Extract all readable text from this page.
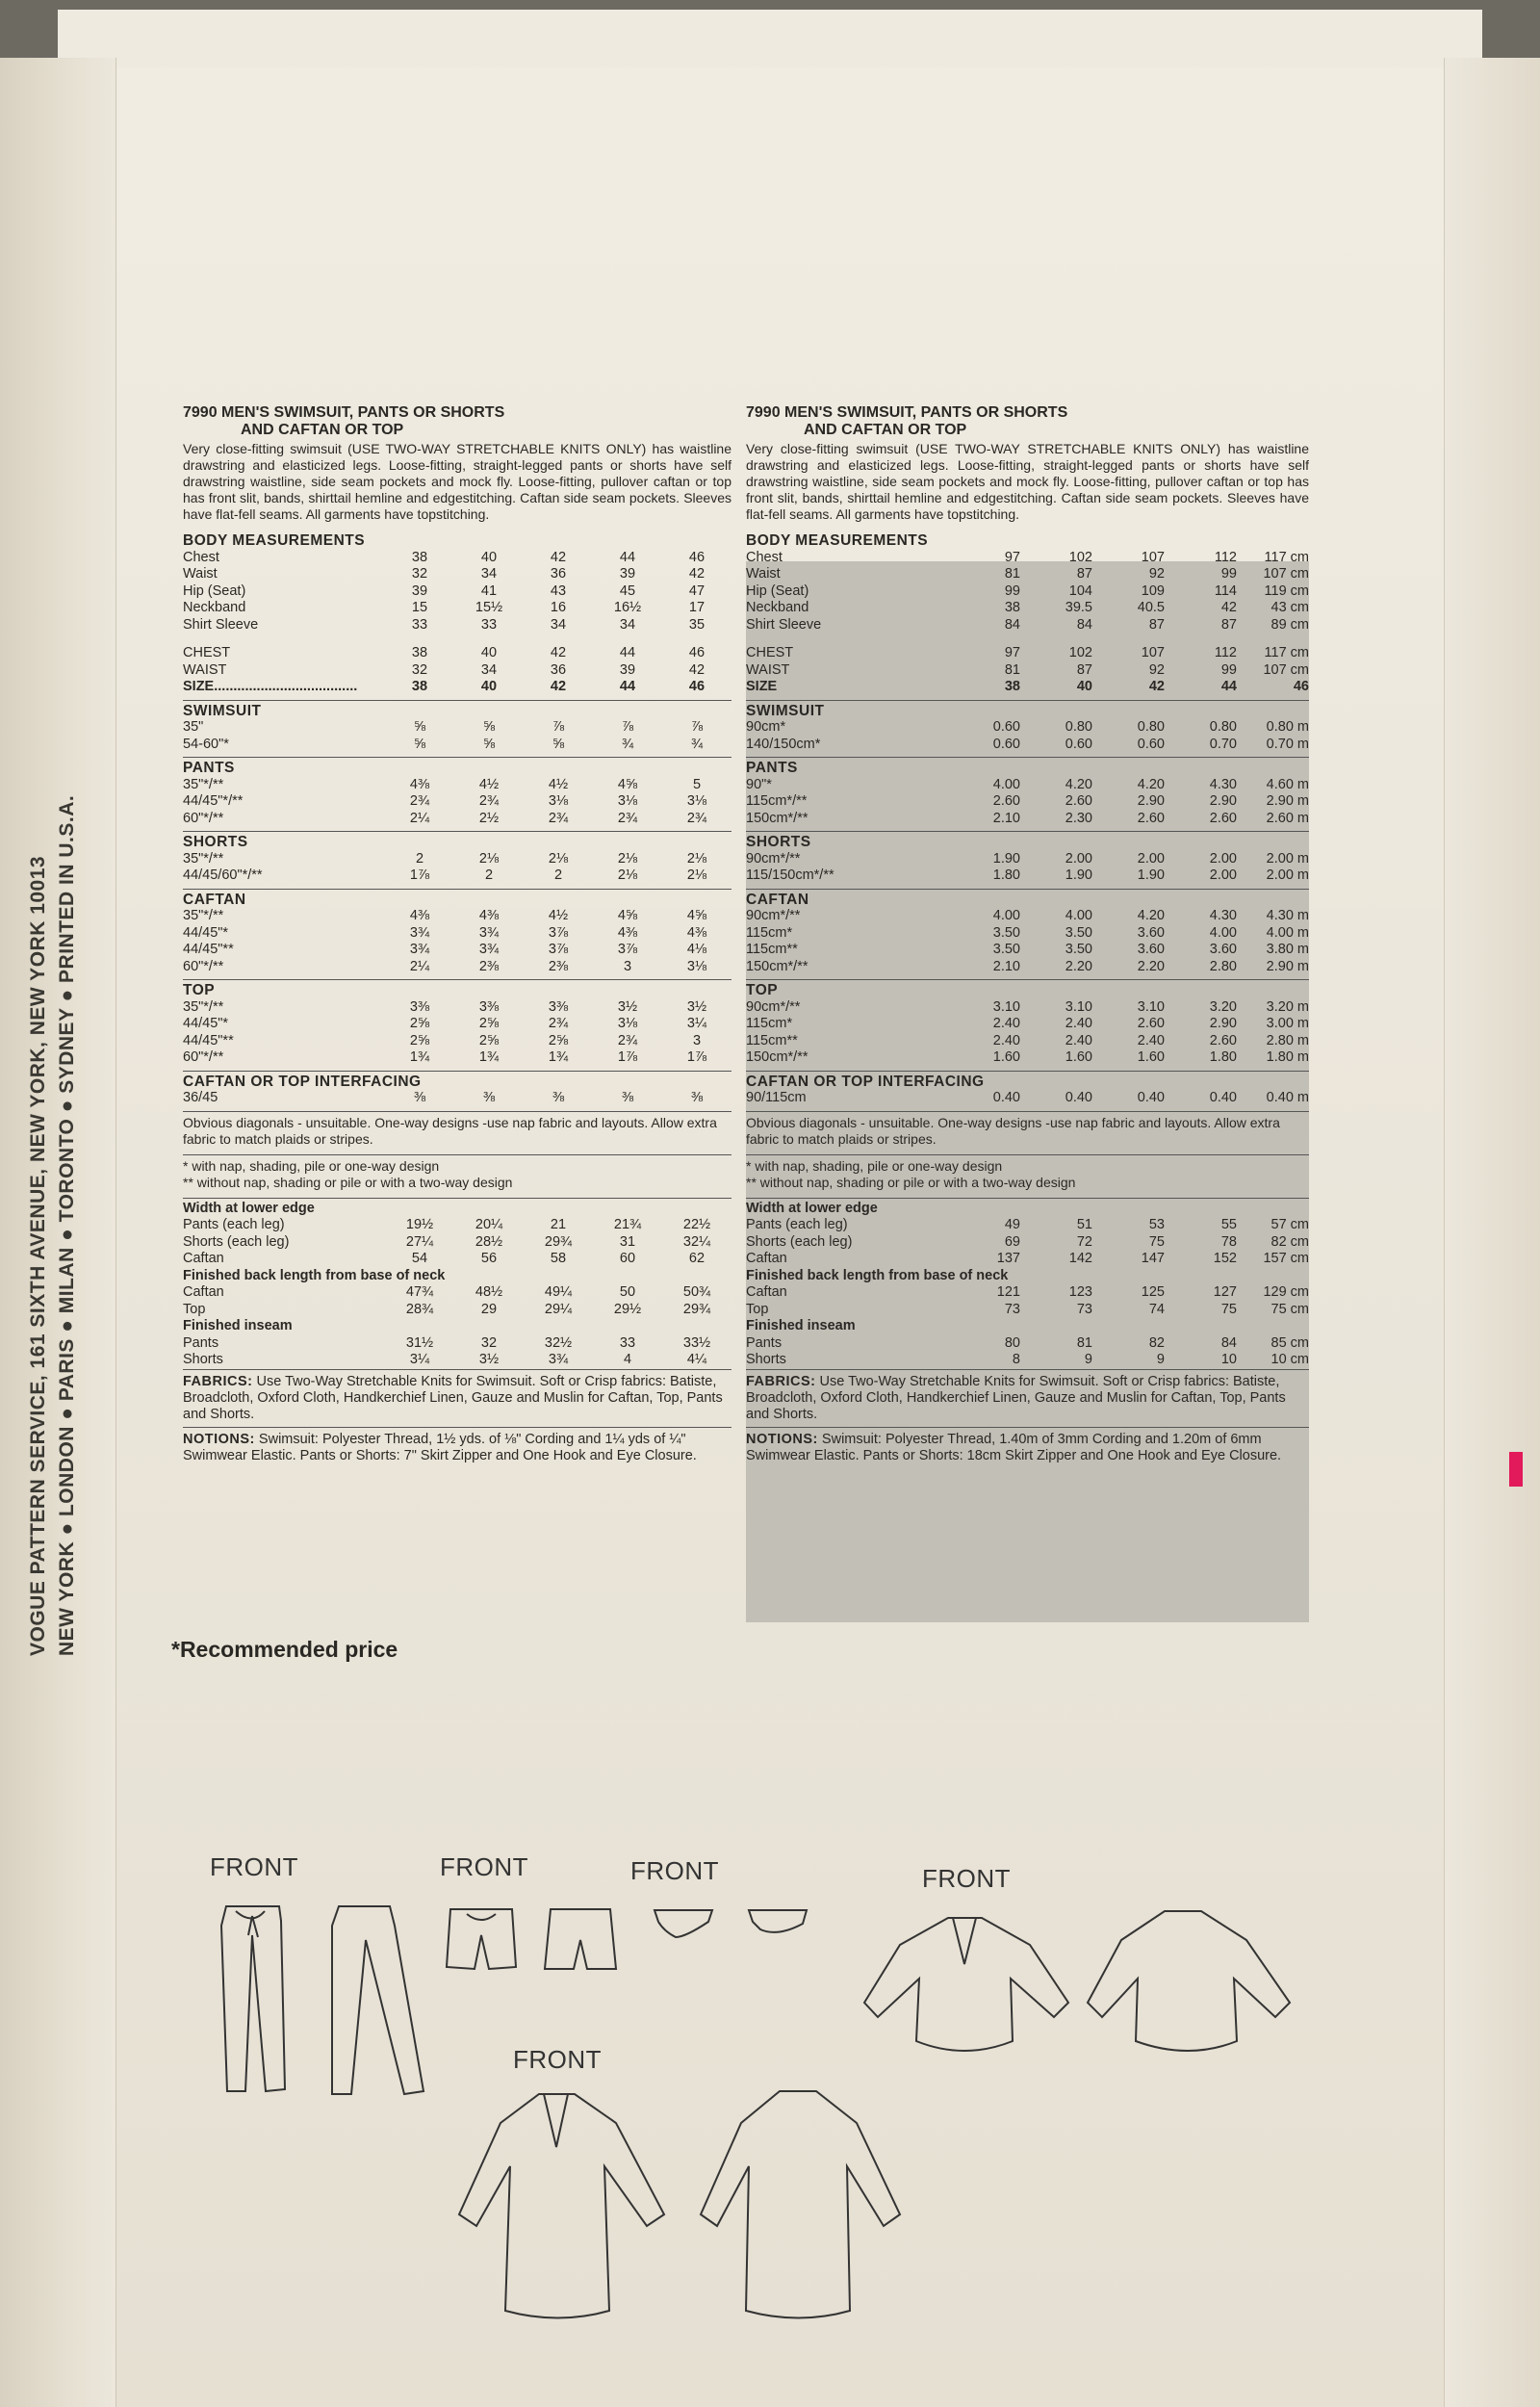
VOGUE PATTERN SERVICE, 161 SIXTH AVENUE, NEW YORK, NEW YORK 10013 NEW YORK ● LONDON ● PARIS ● MILAN ● TORONTO ● SYDNEY ● PRINTED IN U.S.A.
7990 MEN'S SWIMSUIT, PANTS OR SHORTS
AND CAFTAN OR TOP
Very close-fitting swimsuit (USE TWO-WAY STRETCHABLE KNITS ONLY) has waistline drawstring and elasticized legs. Loose-fitting, straight-legged pants or shorts have self drawstring waistline, side seam pockets and mock fly. Loose-fitting, pullover caftan or top has front slit, bands, shirttail hemline and edgestitching. Caftan side seam pockets. Sleeves have flat-fell seams. All garments have topstitching.
BODY MEASUREMENTS
Chest	38	40	42	44	46
Waist	32	34	36	39	42
Hip (Seat)	39	41	43	45	47
Neckband	15	15½	16	16½	17
Shirt Sleeve	33	33	34	34	35
CHEST	38	40	42	44	46
WAIST	32	34	36	39	42
SIZE.....................................	38	40	42	44	46
SWIMSUIT
35"	⅝	⅝	⅞	⅞	⅞
54-60"*	⅝	⅝	⅝	¾	¾
PANTS
35"*/**	4⅜	4½	4½	4⅝	5
44/45"*/**	2¾	2¾	3⅛	3⅛	3⅛
60"*/**	2¼	2½	2¾	2¾	2¾
SHORTS
35"*/**	2	2⅛	2⅛	2⅛	2⅛
44/45/60"*/**	1⅞	2	2	2⅛	2⅛
CAFTAN
35"*/**	4⅜	4⅜	4½	4⅝	4⅝
44/45"*	3¾	3¾	3⅞	4⅜	4⅜
44/45"**	3¾	3¾	3⅞	3⅞	4⅛
60"*/**	2¼	2⅜	2⅜	3	3⅛
TOP
35"*/**	3⅜	3⅜	3⅜	3½	3½
44/45"*	2⅝	2⅝	2¾	3⅛	3¼
44/45"**	2⅝	2⅝	2⅝	2¾	3
60"*/**	1¾	1¾	1¾	1⅞	1⅞
CAFTAN OR TOP INTERFACING
36/45	⅜	⅜	⅜	⅜	⅜
Obvious diagonals - unsuitable. One-way designs -use nap fabric and layouts. Allow extra fabric to match plaids or stripes.
* with nap, shading, pile or one-way design
** without nap, shading or pile or with a two-way design
Width at lower edge
Pants (each leg)	19½	20¼	21	21¾	22½
Shorts (each leg)	27¼	28½	29¾	31	32¼
Caftan	54	56	58	60	62
Finished back length from base of neck
Caftan	47¾	48½	49¼	50	50¾
Top	28¾	29	29¼	29½	29¾
Finished inseam
Pants	31½	32	32½	33	33½
Shorts	3¼	3½	3¾	4	4¼
FABRICS: Use Two-Way Stretchable Knits for Swimsuit. Soft or Crisp fabrics: Batiste, Broadcloth, Oxford Cloth, Handkerchief Linen, Gauze and Muslin for Caftan, Top, Pants and Shorts.
NOTIONS: Swimsuit: Polyester Thread, 1½ yds. of ⅛" Cording and 1¼ yds of ¼" Swimwear Elastic. Pants or Shorts: 7" Skirt Zipper and One Hook and Eye Closure.
7990 MEN'S SWIMSUIT, PANTS OR SHORTS
AND CAFTAN OR TOP
Very close-fitting swimsuit (USE TWO-WAY STRETCHABLE KNITS ONLY) has waistline drawstring and elasticized legs. Loose-fitting, straight-legged pants or shorts have self drawstring waistline, side seam pockets and mock fly. Loose-fitting, pullover caftan or top has front slit, bands, shirttail hemline and edgestitching. Caftan side seam pockets. Sleeves have flat-fell seams. All garments have topstitching.
BODY MEASUREMENTS
Chest	97	102	107	112	117 cm
Waist	81	87	92	99	107 cm
Hip (Seat)	99	104	109	114	119 cm
Neckband	38	39.5	40.5	42	43 cm
Shirt Sleeve	84	84	87	87	89 cm
CHEST	97	102	107	112	117 cm
WAIST	81	87	92	99	107 cm
SIZE	38	40	42	44	46
SWIMSUIT
90cm*	0.60	0.80	0.80	0.80	0.80 m
140/150cm*	0.60	0.60	0.60	0.70	0.70 m
PANTS
90"*	4.00	4.20	4.20	4.30	4.60 m
115cm*/**	2.60	2.60	2.90	2.90	2.90 m
150cm*/**	2.10	2.30	2.60	2.60	2.60 m
SHORTS
90cm*/**	1.90	2.00	2.00	2.00	2.00 m
115/150cm*/**	1.80	1.90	1.90	2.00	2.00 m
CAFTAN
90cm*/**	4.00	4.00	4.20	4.30	4.30 m
115cm*	3.50	3.50	3.60	4.00	4.00 m
115cm**	3.50	3.50	3.60	3.60	3.80 m
150cm*/**	2.10	2.20	2.20	2.80	2.90 m
TOP
90cm*/**	3.10	3.10	3.10	3.20	3.20 m
115cm*	2.40	2.40	2.60	2.90	3.00 m
115cm**	2.40	2.40	2.40	2.60	2.80 m
150cm*/**	1.60	1.60	1.60	1.80	1.80 m
CAFTAN OR TOP INTERFACING
90/115cm	0.40	0.40	0.40	0.40	0.40 m
Obvious diagonals - unsuitable. One-way designs -use nap fabric and layouts. Allow extra fabric to match plaids or stripes.
* with nap, shading, pile or one-way design
** without nap, shading or pile or with a two-way design
Width at lower edge
Pants (each leg)	49	51	53	55	57 cm
Shorts (each leg)	69	72	75	78	82 cm
Caftan	137	142	147	152	157 cm
Finished back length from base of neck
Caftan	121	123	125	127	129 cm
Top	73	73	74	75	75 cm
Finished inseam
Pants	80	81	82	84	85 cm
Shorts	8	9	9	10	10 cm
FABRICS: Use Two-Way Stretchable Knits for Swimsuit. Soft or Crisp fabrics: Batiste, Broadcloth, Oxford Cloth, Handkerchief Linen, Gauze and Muslin for Caftan, Top, Pants and Shorts.
NOTIONS: Swimsuit: Polyester Thread, 1.40m of 3mm Cording and 1.20m of 6mm Swimwear Elastic. Pants or Shorts: 18cm Skirt Zipper and One Hook and Eye Closure.
*Recommended price
FRONT	FRONT	FRONT	FRONT
FRONT
